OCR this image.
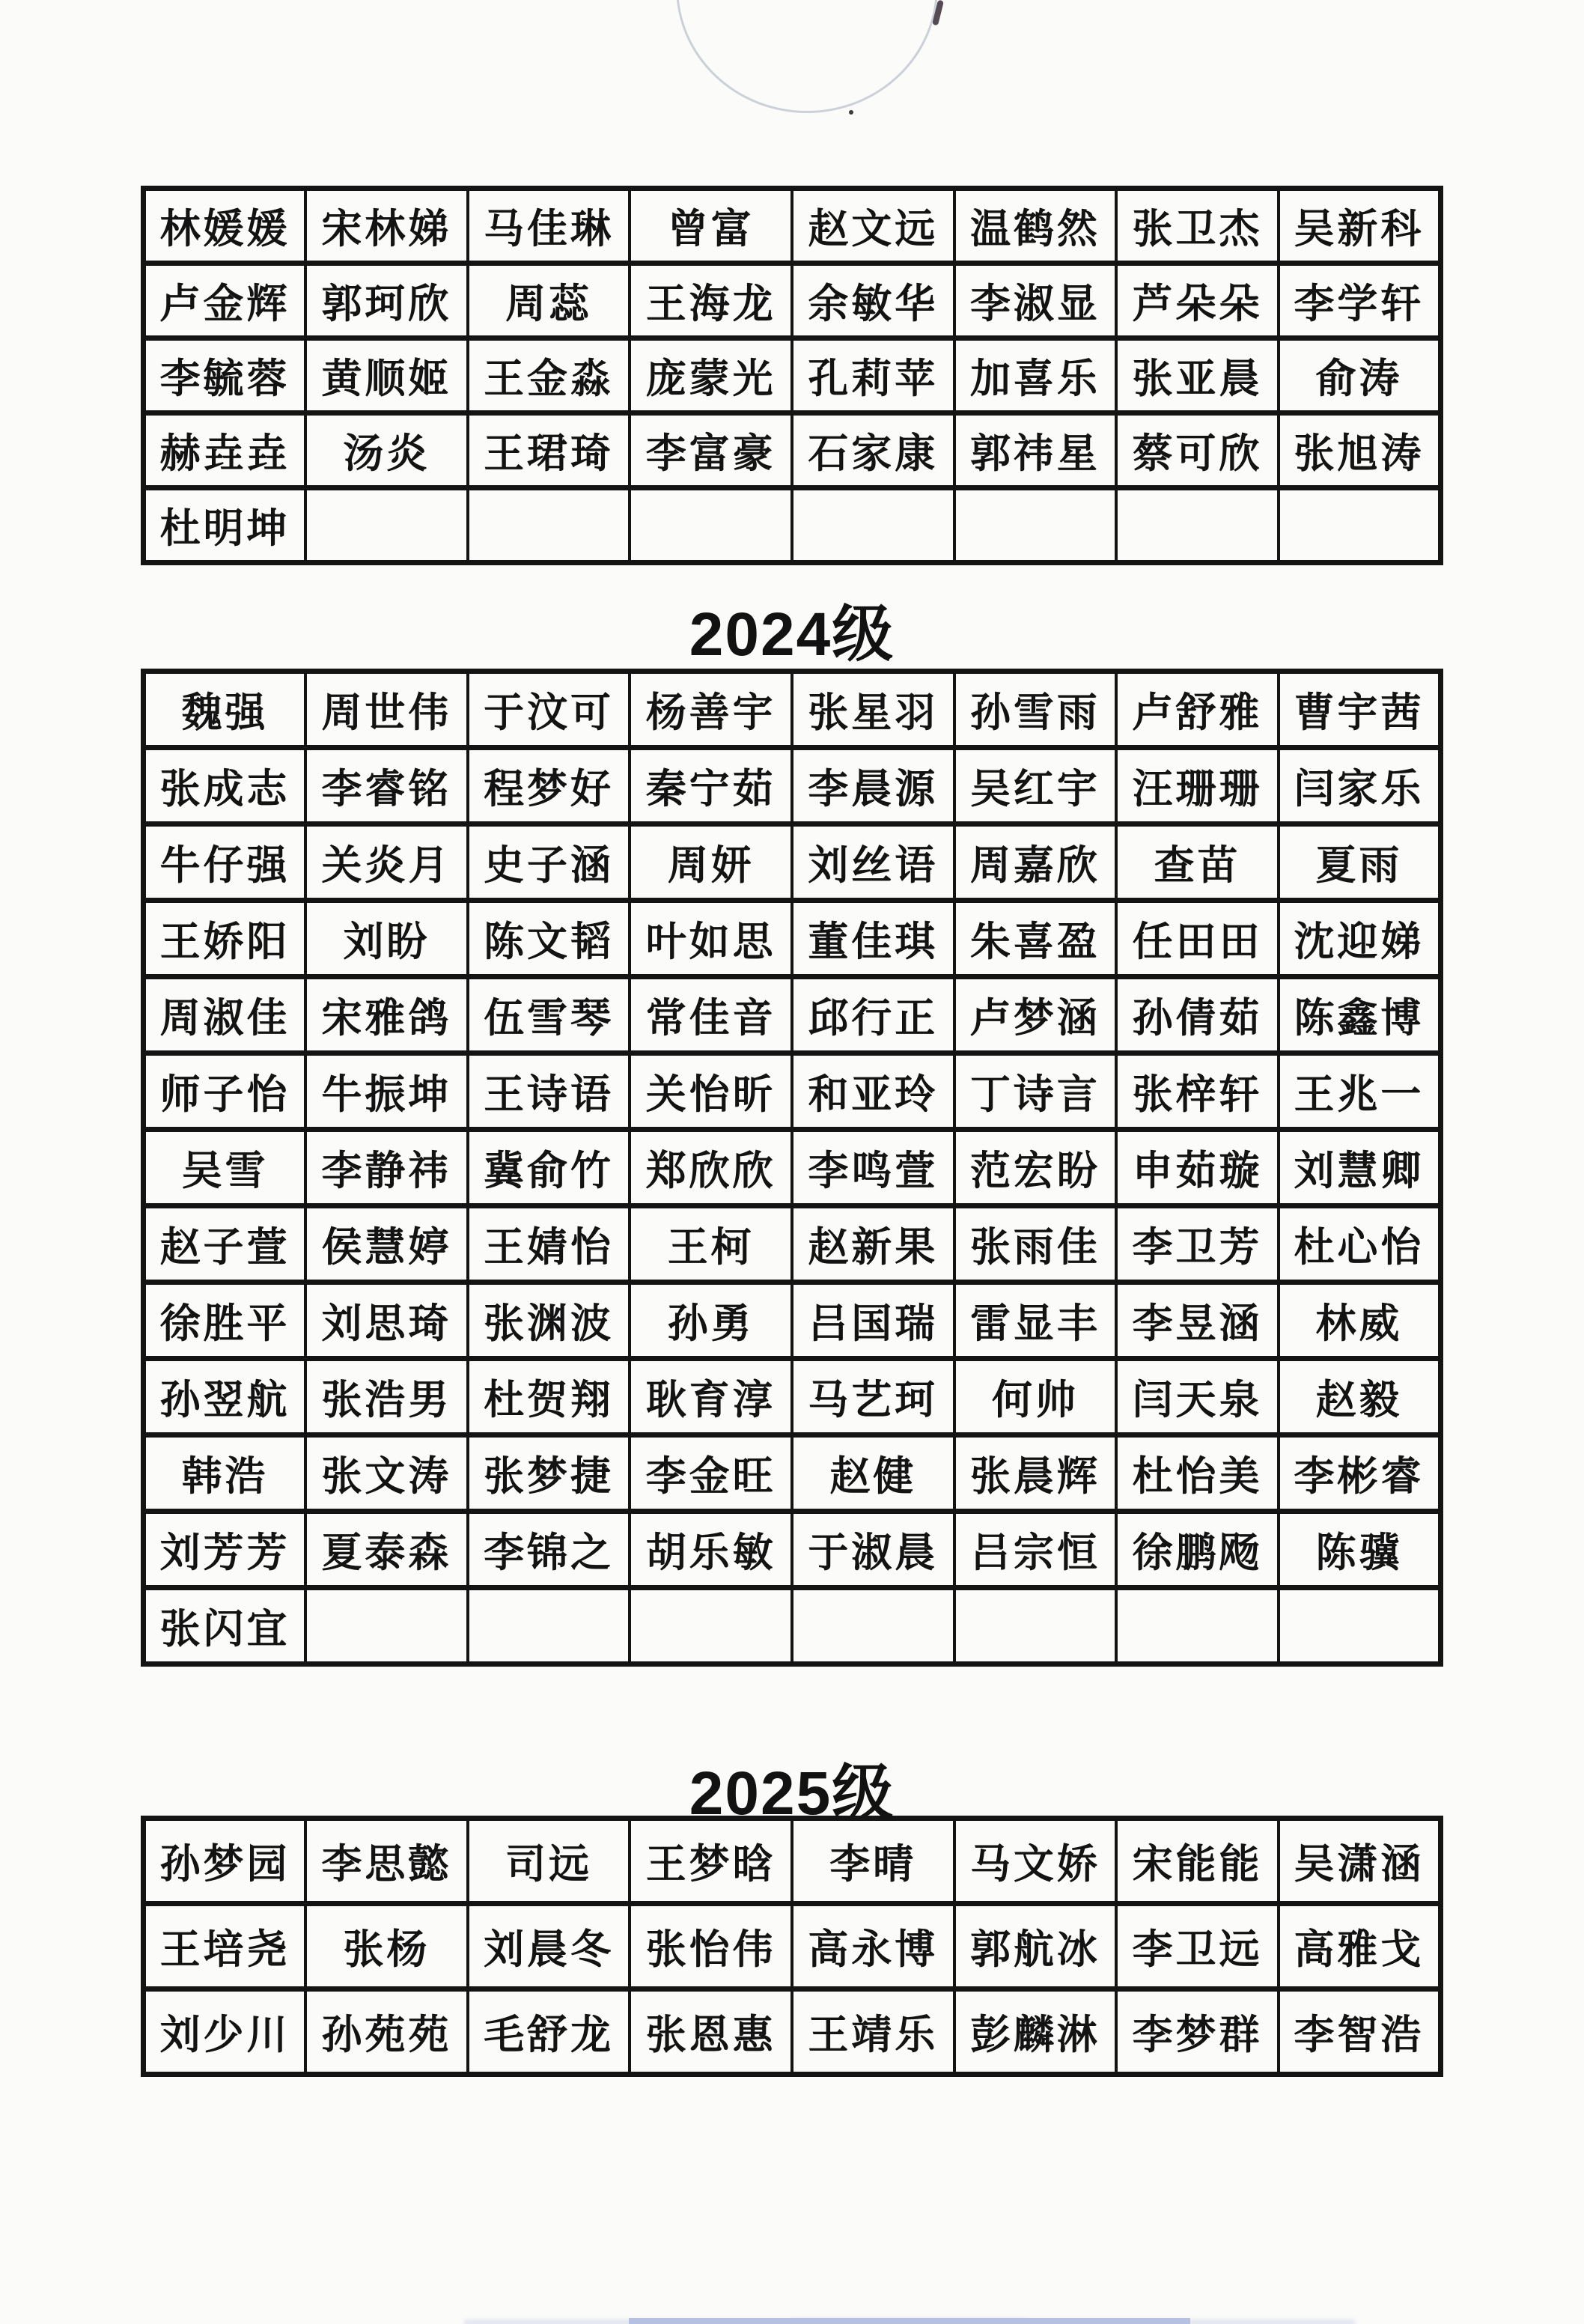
林媛媛	宋林娣	马佳琳	曾富	赵文远	温鹤然	张卫杰	吴新科
卢金辉	郭珂欣	周蕊	王海龙	余敏华	李淑显	芦朵朵	李学轩
李毓蓉	黄顺姬	王金淼	庞蒙光	孔莉苹	加喜乐	张亚晨	俞涛
赫垚垚	汤炎	王珺琦	李富豪	石家康	郭祎星	蔡可欣	张旭涛
杜明坤							
2024级
魏强	周世伟	于汶可	杨善宇	张星羽	孙雪雨	卢舒雅	曹宇茜
张成志	李睿铭	程梦好	秦宁茹	李晨源	吴红宇	汪珊珊	闫家乐
牛仔强	关炎月	史子涵	周妍	刘丝语	周嘉欣	查苗	夏雨
王娇阳	刘盼	陈文韬	叶如思	董佳琪	朱喜盈	任田田	沈迎娣
周淑佳	宋雅鸽	伍雪琴	常佳音	邱行正	卢梦涵	孙倩茹	陈鑫博
师子怡	牛振坤	王诗语	关怡昕	和亚玲	丁诗言	张梓轩	王兆一
吴雪	李静祎	冀俞竹	郑欣欣	李鸣萱	范宏盼	申茹璇	刘慧卿
赵子萱	侯慧婷	王婧怡	王柯	赵新果	张雨佳	李卫芳	杜心怡
徐胜平	刘思琦	张渊波	孙勇	吕国瑞	雷显丰	李昱涵	林威
孙翌航	张浩男	杜贺翔	耿育淳	马艺珂	何帅	闫天泉	赵毅
韩浩	张文涛	张梦捷	李金旺	赵健	张晨辉	杜怡美	李彬睿
刘芳芳	夏泰森	李锦之	胡乐敏	于淑晨	吕宗恒	徐鹏飏	陈骥
张闪宜							
2025级
孙梦园	李思懿	司远	王梦晗	李晴	马文娇	宋能能	吴潇涵
王培尧	张杨	刘晨冬	张怡伟	高永博	郭航冰	李卫远	高雅戈
刘少川	孙苑苑	毛舒龙	张恩惠	王靖乐	彭麟淋	李梦群	李智浩
